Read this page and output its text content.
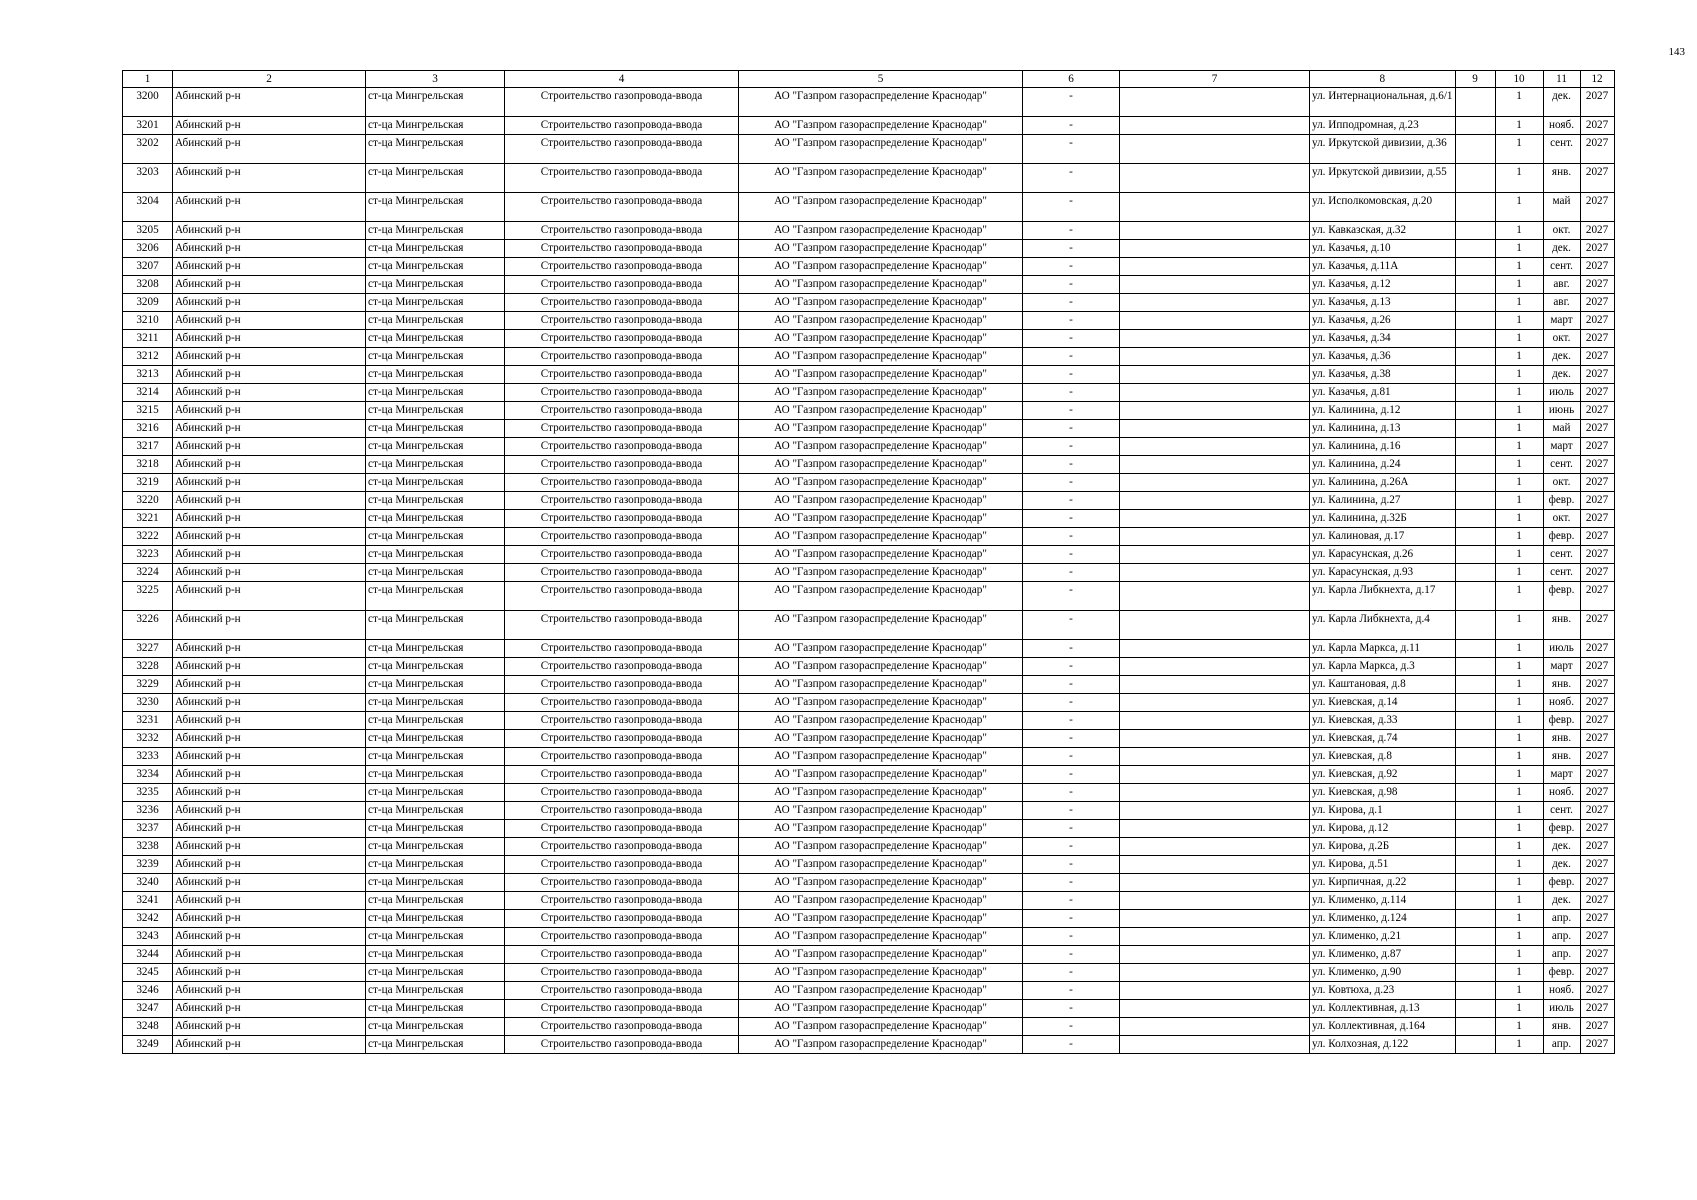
143
1	2	3	4	5	6	7	8	9	10	11	12
3200	Абинский р-н	ст-ца Мингрельская	Строительство газопровода-ввода	АО "Газпром газораспределение Краснодар"	-		ул. Интернациональная, д.6/1		1	дек.	2027
3201	Абинский р-н	ст-ца Мингрельская	Строительство газопровода-ввода	АО "Газпром газораспределение Краснодар"	-		ул. Ипподромная, д.23		1	нояб.	2027
3202	Абинский р-н	ст-ца Мингрельская	Строительство газопровода-ввода	АО "Газпром газораспределение Краснодар"	-		ул. Иркутской дивизии, д.36		1	сент.	2027
3203	Абинский р-н	ст-ца Мингрельская	Строительство газопровода-ввода	АО "Газпром газораспределение Краснодар"	-		ул. Иркутской дивизии, д.55		1	янв.	2027
3204	Абинский р-н	ст-ца Мингрельская	Строительство газопровода-ввода	АО "Газпром газораспределение Краснодар"	-		ул. Исполкомовская, д.20		1	май	2027
3205	Абинский р-н	ст-ца Мингрельская	Строительство газопровода-ввода	АО "Газпром газораспределение Краснодар"	-		ул. Кавказская, д.32		1	окт.	2027
3206	Абинский р-н	ст-ца Мингрельская	Строительство газопровода-ввода	АО "Газпром газораспределение Краснодар"	-		ул. Казачья, д.10		1	дек.	2027
3207	Абинский р-н	ст-ца Мингрельская	Строительство газопровода-ввода	АО "Газпром газораспределение Краснодар"	-		ул. Казачья, д.11А		1	сент.	2027
3208	Абинский р-н	ст-ца Мингрельская	Строительство газопровода-ввода	АО "Газпром газораспределение Краснодар"	-		ул. Казачья, д.12		1	авг.	2027
3209	Абинский р-н	ст-ца Мингрельская	Строительство газопровода-ввода	АО "Газпром газораспределение Краснодар"	-		ул. Казачья, д.13		1	авг.	2027
3210	Абинский р-н	ст-ца Мингрельская	Строительство газопровода-ввода	АО "Газпром газораспределение Краснодар"	-		ул. Казачья, д.26		1	март	2027
3211	Абинский р-н	ст-ца Мингрельская	Строительство газопровода-ввода	АО "Газпром газораспределение Краснодар"	-		ул. Казачья, д.34		1	окт.	2027
3212	Абинский р-н	ст-ца Мингрельская	Строительство газопровода-ввода	АО "Газпром газораспределение Краснодар"	-		ул. Казачья, д.36		1	дек.	2027
3213	Абинский р-н	ст-ца Мингрельская	Строительство газопровода-ввода	АО "Газпром газораспределение Краснодар"	-		ул. Казачья, д.38		1	дек.	2027
3214	Абинский р-н	ст-ца Мингрельская	Строительство газопровода-ввода	АО "Газпром газораспределение Краснодар"	-		ул. Казачья, д.81		1	июль	2027
3215	Абинский р-н	ст-ца Мингрельская	Строительство газопровода-ввода	АО "Газпром газораспределение Краснодар"	-		ул. Калинина, д.12		1	июнь	2027
3216	Абинский р-н	ст-ца Мингрельская	Строительство газопровода-ввода	АО "Газпром газораспределение Краснодар"	-		ул. Калинина, д.13		1	май	2027
3217	Абинский р-н	ст-ца Мингрельская	Строительство газопровода-ввода	АО "Газпром газораспределение Краснодар"	-		ул. Калинина, д.16		1	март	2027
3218	Абинский р-н	ст-ца Мингрельская	Строительство газопровода-ввода	АО "Газпром газораспределение Краснодар"	-		ул. Калинина, д.24		1	сент.	2027
3219	Абинский р-н	ст-ца Мингрельская	Строительство газопровода-ввода	АО "Газпром газораспределение Краснодар"	-		ул. Калинина, д.26А		1	окт.	2027
3220	Абинский р-н	ст-ца Мингрельская	Строительство газопровода-ввода	АО "Газпром газораспределение Краснодар"	-		ул. Калинина, д.27		1	февр.	2027
3221	Абинский р-н	ст-ца Мингрельская	Строительство газопровода-ввода	АО "Газпром газораспределение Краснодар"	-		ул. Калинина, д.32Б		1	окт.	2027
3222	Абинский р-н	ст-ца Мингрельская	Строительство газопровода-ввода	АО "Газпром газораспределение Краснодар"	-		ул. Калиновая, д.17		1	февр.	2027
3223	Абинский р-н	ст-ца Мингрельская	Строительство газопровода-ввода	АО "Газпром газораспределение Краснодар"	-		ул. Карасунская, д.26		1	сент.	2027
3224	Абинский р-н	ст-ца Мингрельская	Строительство газопровода-ввода	АО "Газпром газораспределение Краснодар"	-		ул. Карасунская, д.93		1	сент.	2027
3225	Абинский р-н	ст-ца Мингрельская	Строительство газопровода-ввода	АО "Газпром газораспределение Краснодар"	-		ул. Карла Либкнехта, д.17		1	февр.	2027
3226	Абинский р-н	ст-ца Мингрельская	Строительство газопровода-ввода	АО "Газпром газораспределение Краснодар"	-		ул. Карла Либкнехта, д.4		1	янв.	2027
3227	Абинский р-н	ст-ца Мингрельская	Строительство газопровода-ввода	АО "Газпром газораспределение Краснодар"	-		ул. Карла Маркса, д.11		1	июль	2027
3228	Абинский р-н	ст-ца Мингрельская	Строительство газопровода-ввода	АО "Газпром газораспределение Краснодар"	-		ул. Карла Маркса, д.3		1	март	2027
3229	Абинский р-н	ст-ца Мингрельская	Строительство газопровода-ввода	АО "Газпром газораспределение Краснодар"	-		ул. Каштановая, д.8		1	янв.	2027
3230	Абинский р-н	ст-ца Мингрельская	Строительство газопровода-ввода	АО "Газпром газораспределение Краснодар"	-		ул. Киевская, д.14		1	нояб.	2027
3231	Абинский р-н	ст-ца Мингрельская	Строительство газопровода-ввода	АО "Газпром газораспределение Краснодар"	-		ул. Киевская, д.33		1	февр.	2027
3232	Абинский р-н	ст-ца Мингрельская	Строительство газопровода-ввода	АО "Газпром газораспределение Краснодар"	-		ул. Киевская, д.74		1	янв.	2027
3233	Абинский р-н	ст-ца Мингрельская	Строительство газопровода-ввода	АО "Газпром газораспределение Краснодар"	-		ул. Киевская, д.8		1	янв.	2027
3234	Абинский р-н	ст-ца Мингрельская	Строительство газопровода-ввода	АО "Газпром газораспределение Краснодар"	-		ул. Киевская, д.92		1	март	2027
3235	Абинский р-н	ст-ца Мингрельская	Строительство газопровода-ввода	АО "Газпром газораспределение Краснодар"	-		ул. Киевская, д.98		1	нояб.	2027
3236	Абинский р-н	ст-ца Мингрельская	Строительство газопровода-ввода	АО "Газпром газораспределение Краснодар"	-		ул. Кирова, д.1		1	сент.	2027
3237	Абинский р-н	ст-ца Мингрельская	Строительство газопровода-ввода	АО "Газпром газораспределение Краснодар"	-		ул. Кирова, д.12		1	февр.	2027
3238	Абинский р-н	ст-ца Мингрельская	Строительство газопровода-ввода	АО "Газпром газораспределение Краснодар"	-		ул. Кирова, д.2Б		1	дек.	2027
3239	Абинский р-н	ст-ца Мингрельская	Строительство газопровода-ввода	АО "Газпром газораспределение Краснодар"	-		ул. Кирова, д.51		1	дек.	2027
3240	Абинский р-н	ст-ца Мингрельская	Строительство газопровода-ввода	АО "Газпром газораспределение Краснодар"	-		ул. Кирпичная, д.22		1	февр.	2027
3241	Абинский р-н	ст-ца Мингрельская	Строительство газопровода-ввода	АО "Газпром газораспределение Краснодар"	-		ул. Клименко, д.114		1	дек.	2027
3242	Абинский р-н	ст-ца Мингрельская	Строительство газопровода-ввода	АО "Газпром газораспределение Краснодар"	-		ул. Клименко, д.124		1	апр.	2027
3243	Абинский р-н	ст-ца Мингрельская	Строительство газопровода-ввода	АО "Газпром газораспределение Краснодар"	-		ул. Клименко, д.21		1	апр.	2027
3244	Абинский р-н	ст-ца Мингрельская	Строительство газопровода-ввода	АО "Газпром газораспределение Краснодар"	-		ул. Клименко, д.87		1	апр.	2027
3245	Абинский р-н	ст-ца Мингрельская	Строительство газопровода-ввода	АО "Газпром газораспределение Краснодар"	-		ул. Клименко, д.90		1	февр.	2027
3246	Абинский р-н	ст-ца Мингрельская	Строительство газопровода-ввода	АО "Газпром газораспределение Краснодар"	-		ул. Ковтюха, д.23		1	нояб.	2027
3247	Абинский р-н	ст-ца Мингрельская	Строительство газопровода-ввода	АО "Газпром газораспределение Краснодар"	-		ул. Коллективная, д.13		1	июль	2027
3248	Абинский р-н	ст-ца Мингрельская	Строительство газопровода-ввода	АО "Газпром газораспределение Краснодар"	-		ул. Коллективная, д.164		1	янв.	2027
3249	Абинский р-н	ст-ца Мингрельская	Строительство газопровода-ввода	АО "Газпром газораспределение Краснодар"	-		ул. Колхозная, д.122		1	апр.	2027
